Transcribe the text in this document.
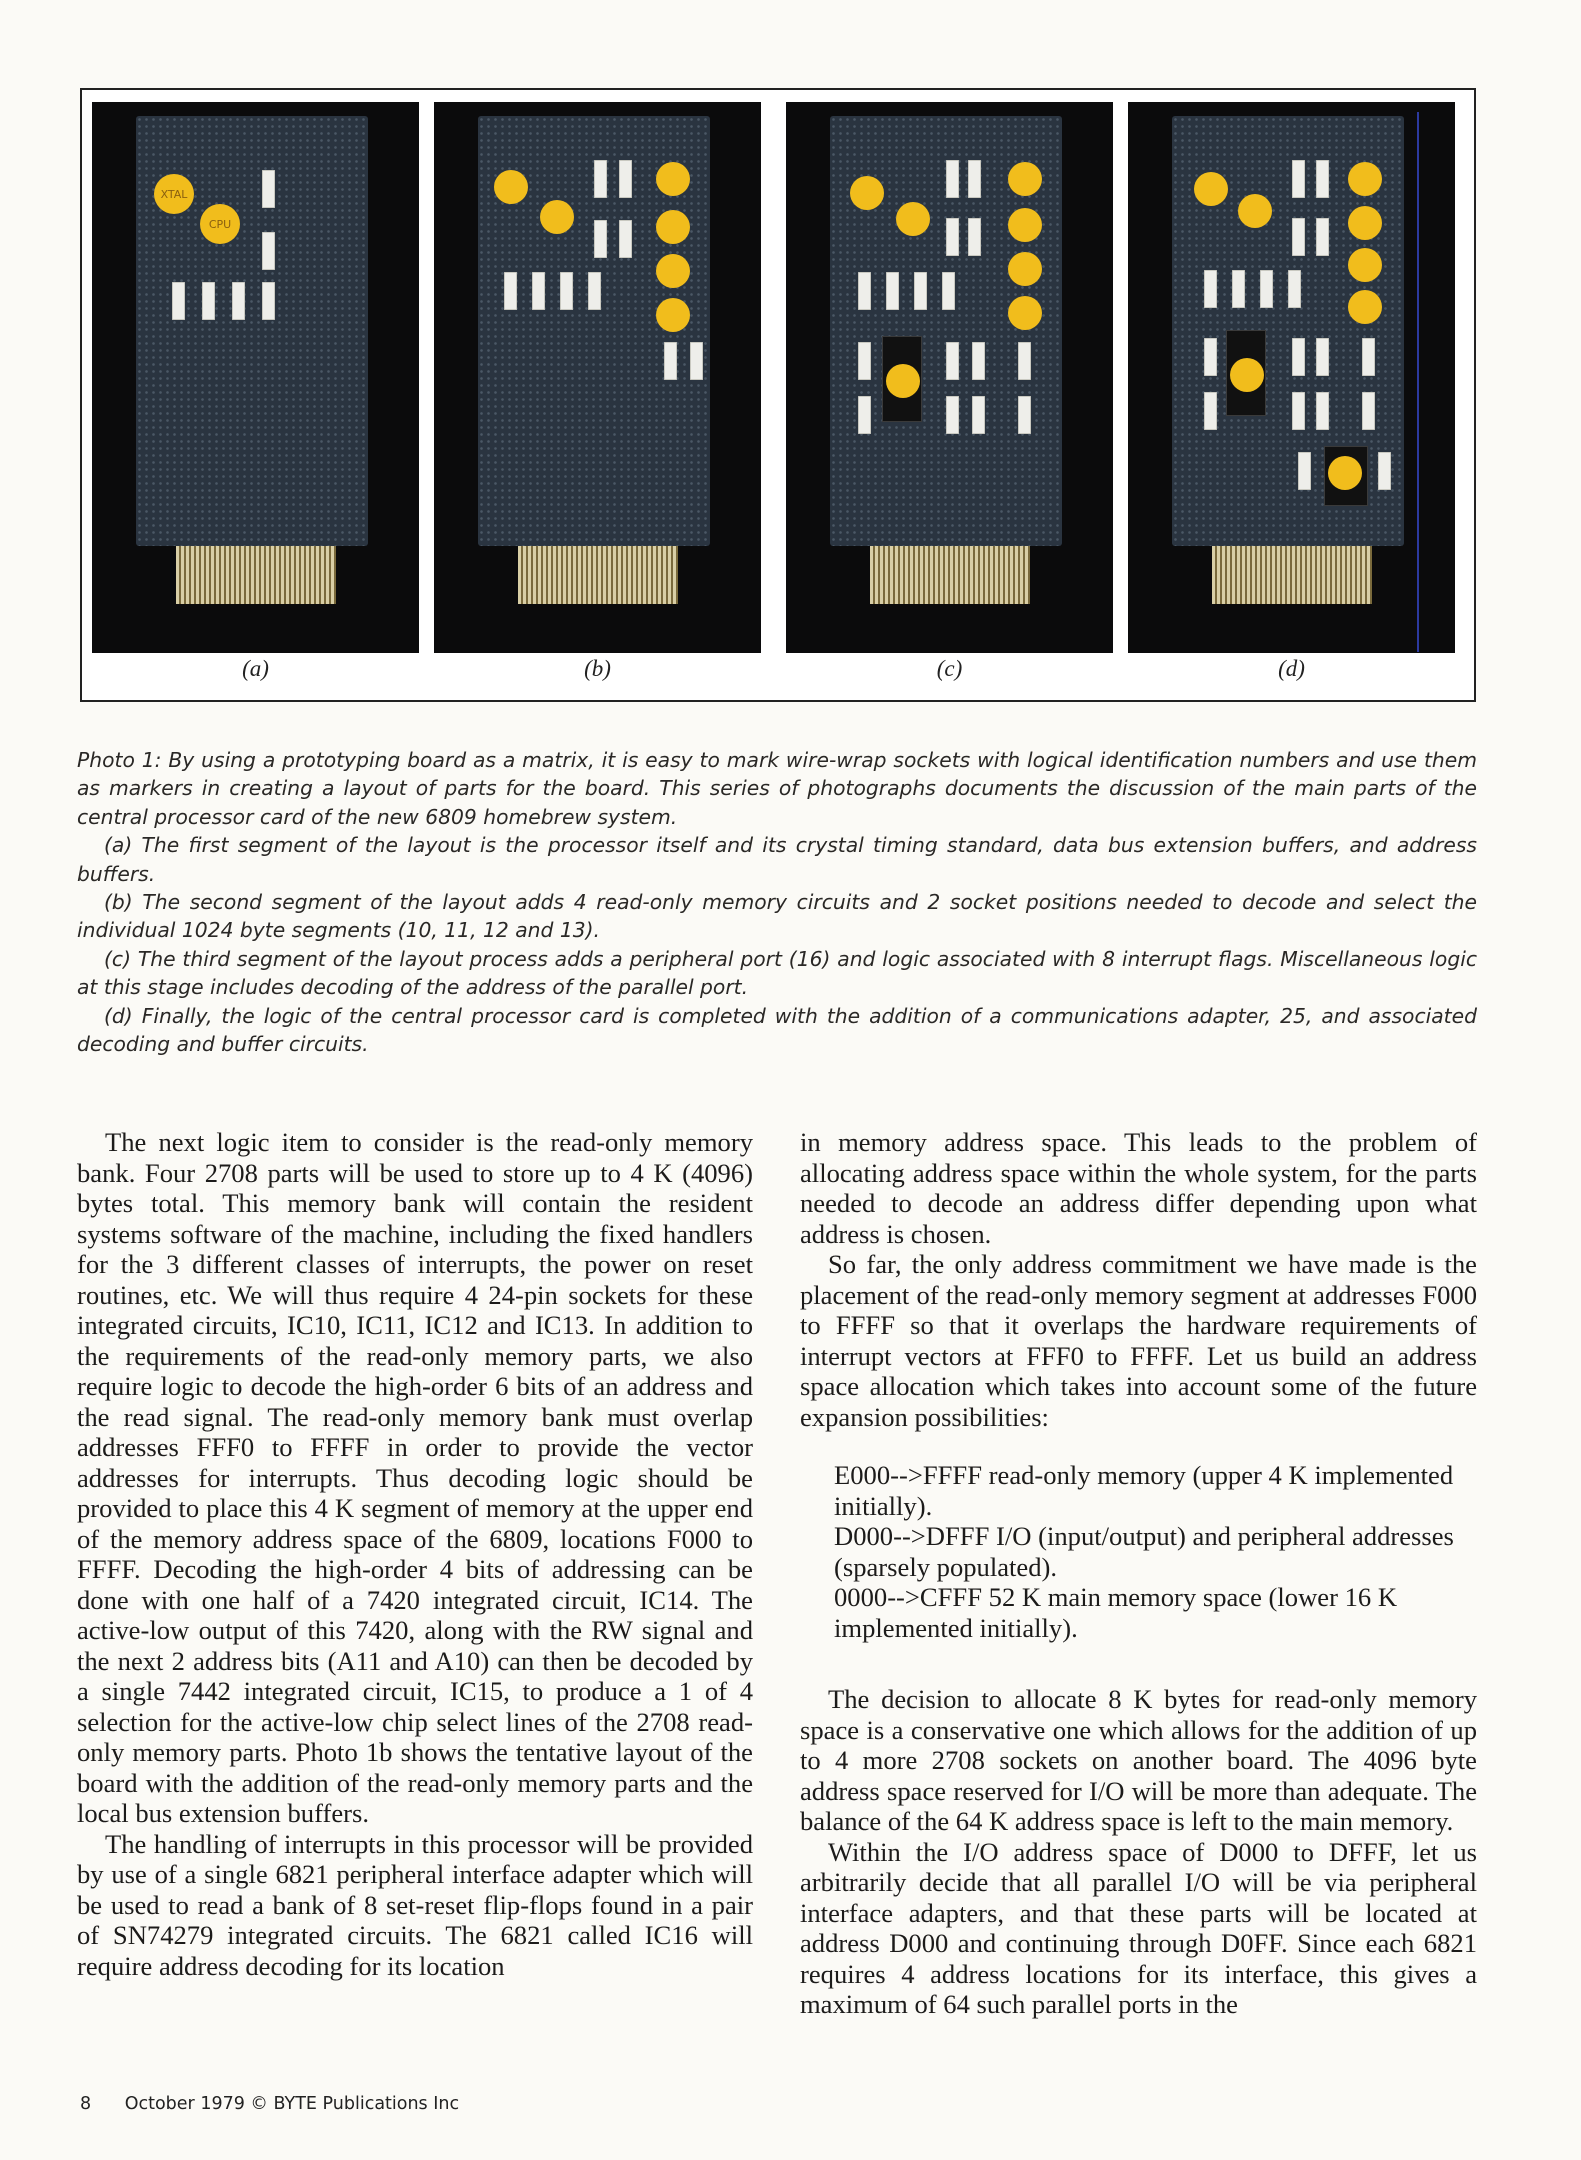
XTAL
CPU
(a)	(b)	(c)	(d)

Photo 1: By using a prototyping board as a matrix, it is easy to mark wire-wrap sockets with logical identification numbers and use them as markers in creating a layout of parts for the board. This series of photographs documents the discussion of the main parts of the central processor card of the new 6809 homebrew system.

(a) The first segment of the layout is the processor itself and its crystal timing standard, data bus extension buffers, and address buffers.

(b) The second segment of the layout adds 4 read-only memory circuits and 2 socket positions needed to decode and select the individual 1024 byte segments (10, 11, 12 and 13).

(c) The third segment of the layout process adds a peripheral port (16) and logic associated with 8 interrupt flags. Miscellaneous logic at this stage includes decoding of the address of the parallel port.

(d) Finally, the logic of the central processor card is completed with the addition of a communications adapter, 25, and associated decoding and buffer circuits.

The next logic item to consider is the read-only memory bank. Four 2708 parts will be used to store up to 4 K (4096) bytes total. This memory bank will contain the resident systems software of the machine, including the fixed handlers for the 3 different classes of interrupts, the power on reset routines, etc. We will thus require 4 24-pin sockets for these integrated circuits, IC10, IC11, IC12 and IC13. In addition to the requirements of the read-only memory parts, we also require logic to decode the high-order 6 bits of an address and the read signal. The read-only memory bank must overlap addresses FFF0 to FFFF in order to provide the vector addresses for interrupts. Thus decoding logic should be provided to place this 4 K segment of memory at the upper end of the memory address space of the 6809, locations F000 to FFFF. Decoding the high-order 4 bits of addressing can be done with one half of a 7420 integrated circuit, IC14. The active-low output of this 7420, along with the RW signal and the next 2 address bits (A11 and A10) can then be decoded by a single 7442 integrated circuit, IC15, to produce a 1 of 4 selection for the active-low chip select lines of the 2708 read-only memory parts. Photo 1b shows the tentative layout of the board with the addition of the read-only memory parts and the local bus extension buffers.

The handling of interrupts in this processor will be provided by use of a single 6821 peripheral interface adapter which will be used to read a bank of 8 set-reset flip-flops found in a pair of SN74279 integrated circuits. The 6821 called IC16 will require address decoding for its location

in memory address space. This leads to the problem of allocating address space within the whole system, for the parts needed to decode an address differ depending upon what address is chosen.

So far, the only address commitment we have made is the placement of the read-only memory segment at addresses F000 to FFFF so that it overlaps the hardware requirements of interrupt vectors at FFF0 to FFFF. Let us build an address space allocation which takes into account some of the future expansion possibilities:

E000-->FFFF read-only memory (upper 4 K implemented initially).
D000-->DFFF I/O (input/output) and peripheral addresses (sparsely populated).
0000-->CFFF 52 K main memory space (lower 16 K implemented initially).

The decision to allocate 8 K bytes for read-only memory space is a conservative one which allows for the addition of up to 4 more 2708 sockets on another board. The 4096 byte address space reserved for I/O will be more than adequate. The balance of the 64 K address space is left to the main memory.

Within the I/O address space of D000 to DFFF, let us arbitrarily decide that all parallel I/O will be via peripheral interface adapters, and that these parts will be located at address D000 and continuing through D0FF. Since each 6821 requires 4 address locations for its interface, this gives a maximum of 64 such parallel ports in the

8 October 1979 © BYTE Publications Inc
